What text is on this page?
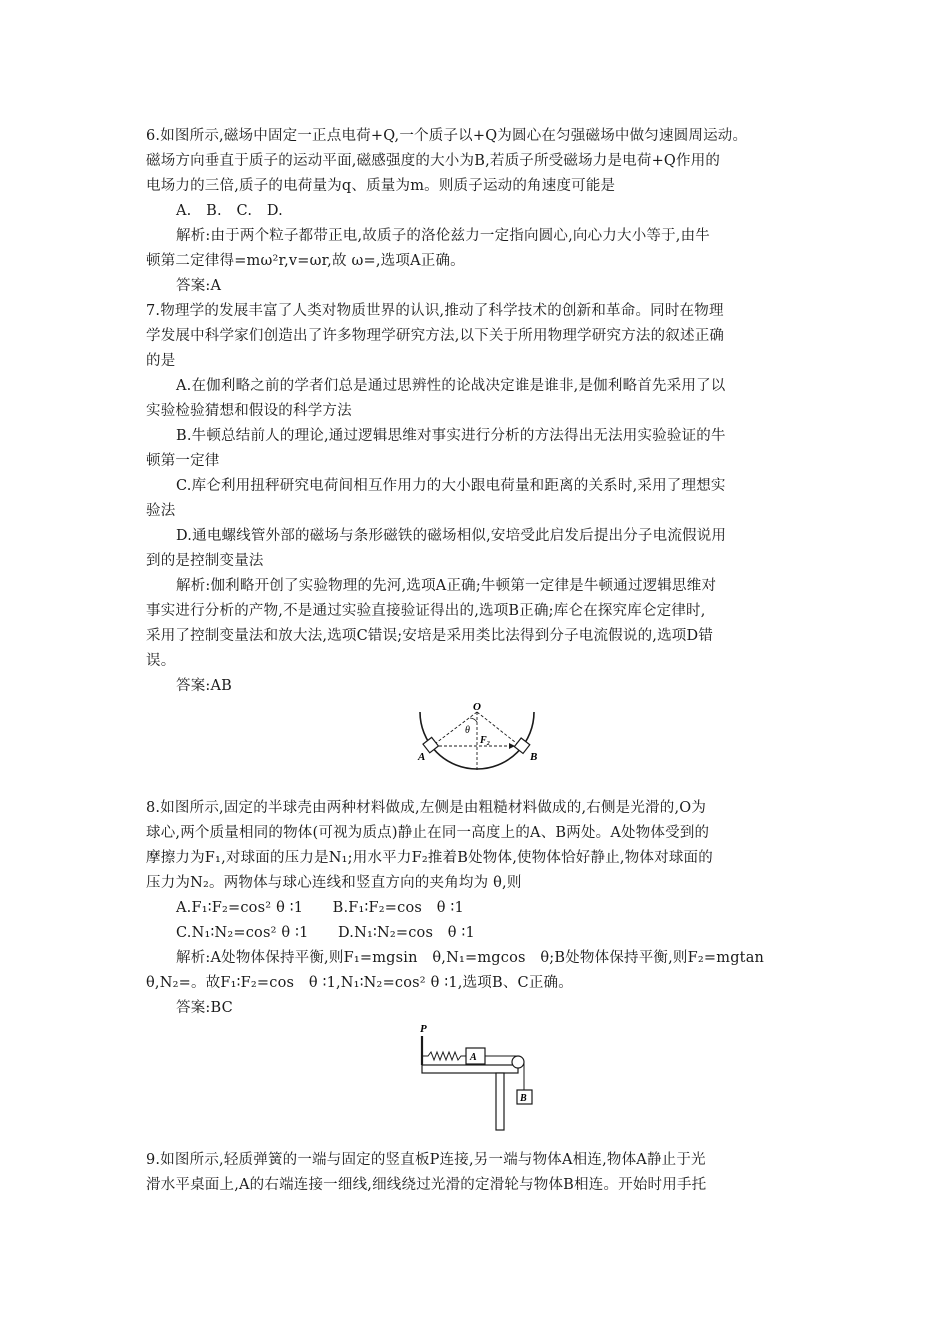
6.如图所示,磁场中固定一正点电荷+Q,一个质子以+Q为圆心在匀强磁场中做匀速圆周运动。
磁场方向垂直于质子的运动平面,磁感强度的大小为B,若质子所受磁场力是电荷+Q作用的
电场力的三倍,质子的电荷量为q、质量为m。则质子运动的角速度可能是
A.　B.　C.　D.
解析:由于两个粒子都带正电,故质子的洛伦兹力一定指向圆心,向心力大小等于,由牛
顿第二定律得=mω²r,v=ωr,故 ω=,选项A正确。
答案:A
7.物理学的发展丰富了人类对物质世界的认识,推动了科学技术的创新和革命。同时在物理
学发展中科学家们创造出了许多物理学研究方法,以下关于所用物理学研究方法的叙述正确
的是
A.在伽利略之前的学者们总是通过思辨性的论战决定谁是谁非,是伽利略首先采用了以
实验检验猜想和假设的科学方法
B.牛顿总结前人的理论,通过逻辑思维对事实进行分析的方法得出无法用实验验证的牛
顿第一定律
C.库仑利用扭秤研究电荷间相互作用力的大小跟电荷量和距离的关系时,采用了理想实
验法
D.通电螺线管外部的磁场与条形磁铁的磁场相似,安培受此启发后提出分子电流假说用
到的是控制变量法
解析:伽利略开创了实验物理的先河,选项A正确;牛顿第一定律是牛顿通过逻辑思维对
事实进行分析的产物,不是通过实验直接验证得出的,选项B正确;库仑在探究库仑定律时,
采用了控制变量法和放大法,选项C错误;安培是采用类比法得到分子电流假说的,选项D错
误。
答案:AB
O
θ
F₂
A	B
8.如图所示,固定的半球壳由两种材料做成,左侧是由粗糙材料做成的,右侧是光滑的,O为
球心,两个质量相同的物体(可视为质点)静止在同一高度上的A、B两处。A处物体受到的
摩擦力为F₁,对球面的压力是N₁;用水平力F₂推着B处物体,使物体恰好静止,物体对球面的
压力为N₂。两物体与球心连线和竖直方向的夹角均为 θ,则
A.F₁∶F₂=cos² θ ∶1　　B.F₁∶F₂=cos　θ ∶1
C.N₁∶N₂=cos² θ ∶1　　D.N₁∶N₂=cos　θ ∶1
解析:A处物体保持平衡,则F₁=mgsin　θ,N₁=mgcos　θ;B处物体保持平衡,则F₂=mgtan
θ,N₂=。故F₁∶F₂=cos　θ ∶1,N₁∶N₂=cos² θ ∶1,选项B、C正确。
答案:BC
P
A
B
9.如图所示,轻质弹簧的一端与固定的竖直板P连接,另一端与物体A相连,物体A静止于光
滑水平桌面上,A的右端连接一细线,细线绕过光滑的定滑轮与物体B相连。开始时用手托
